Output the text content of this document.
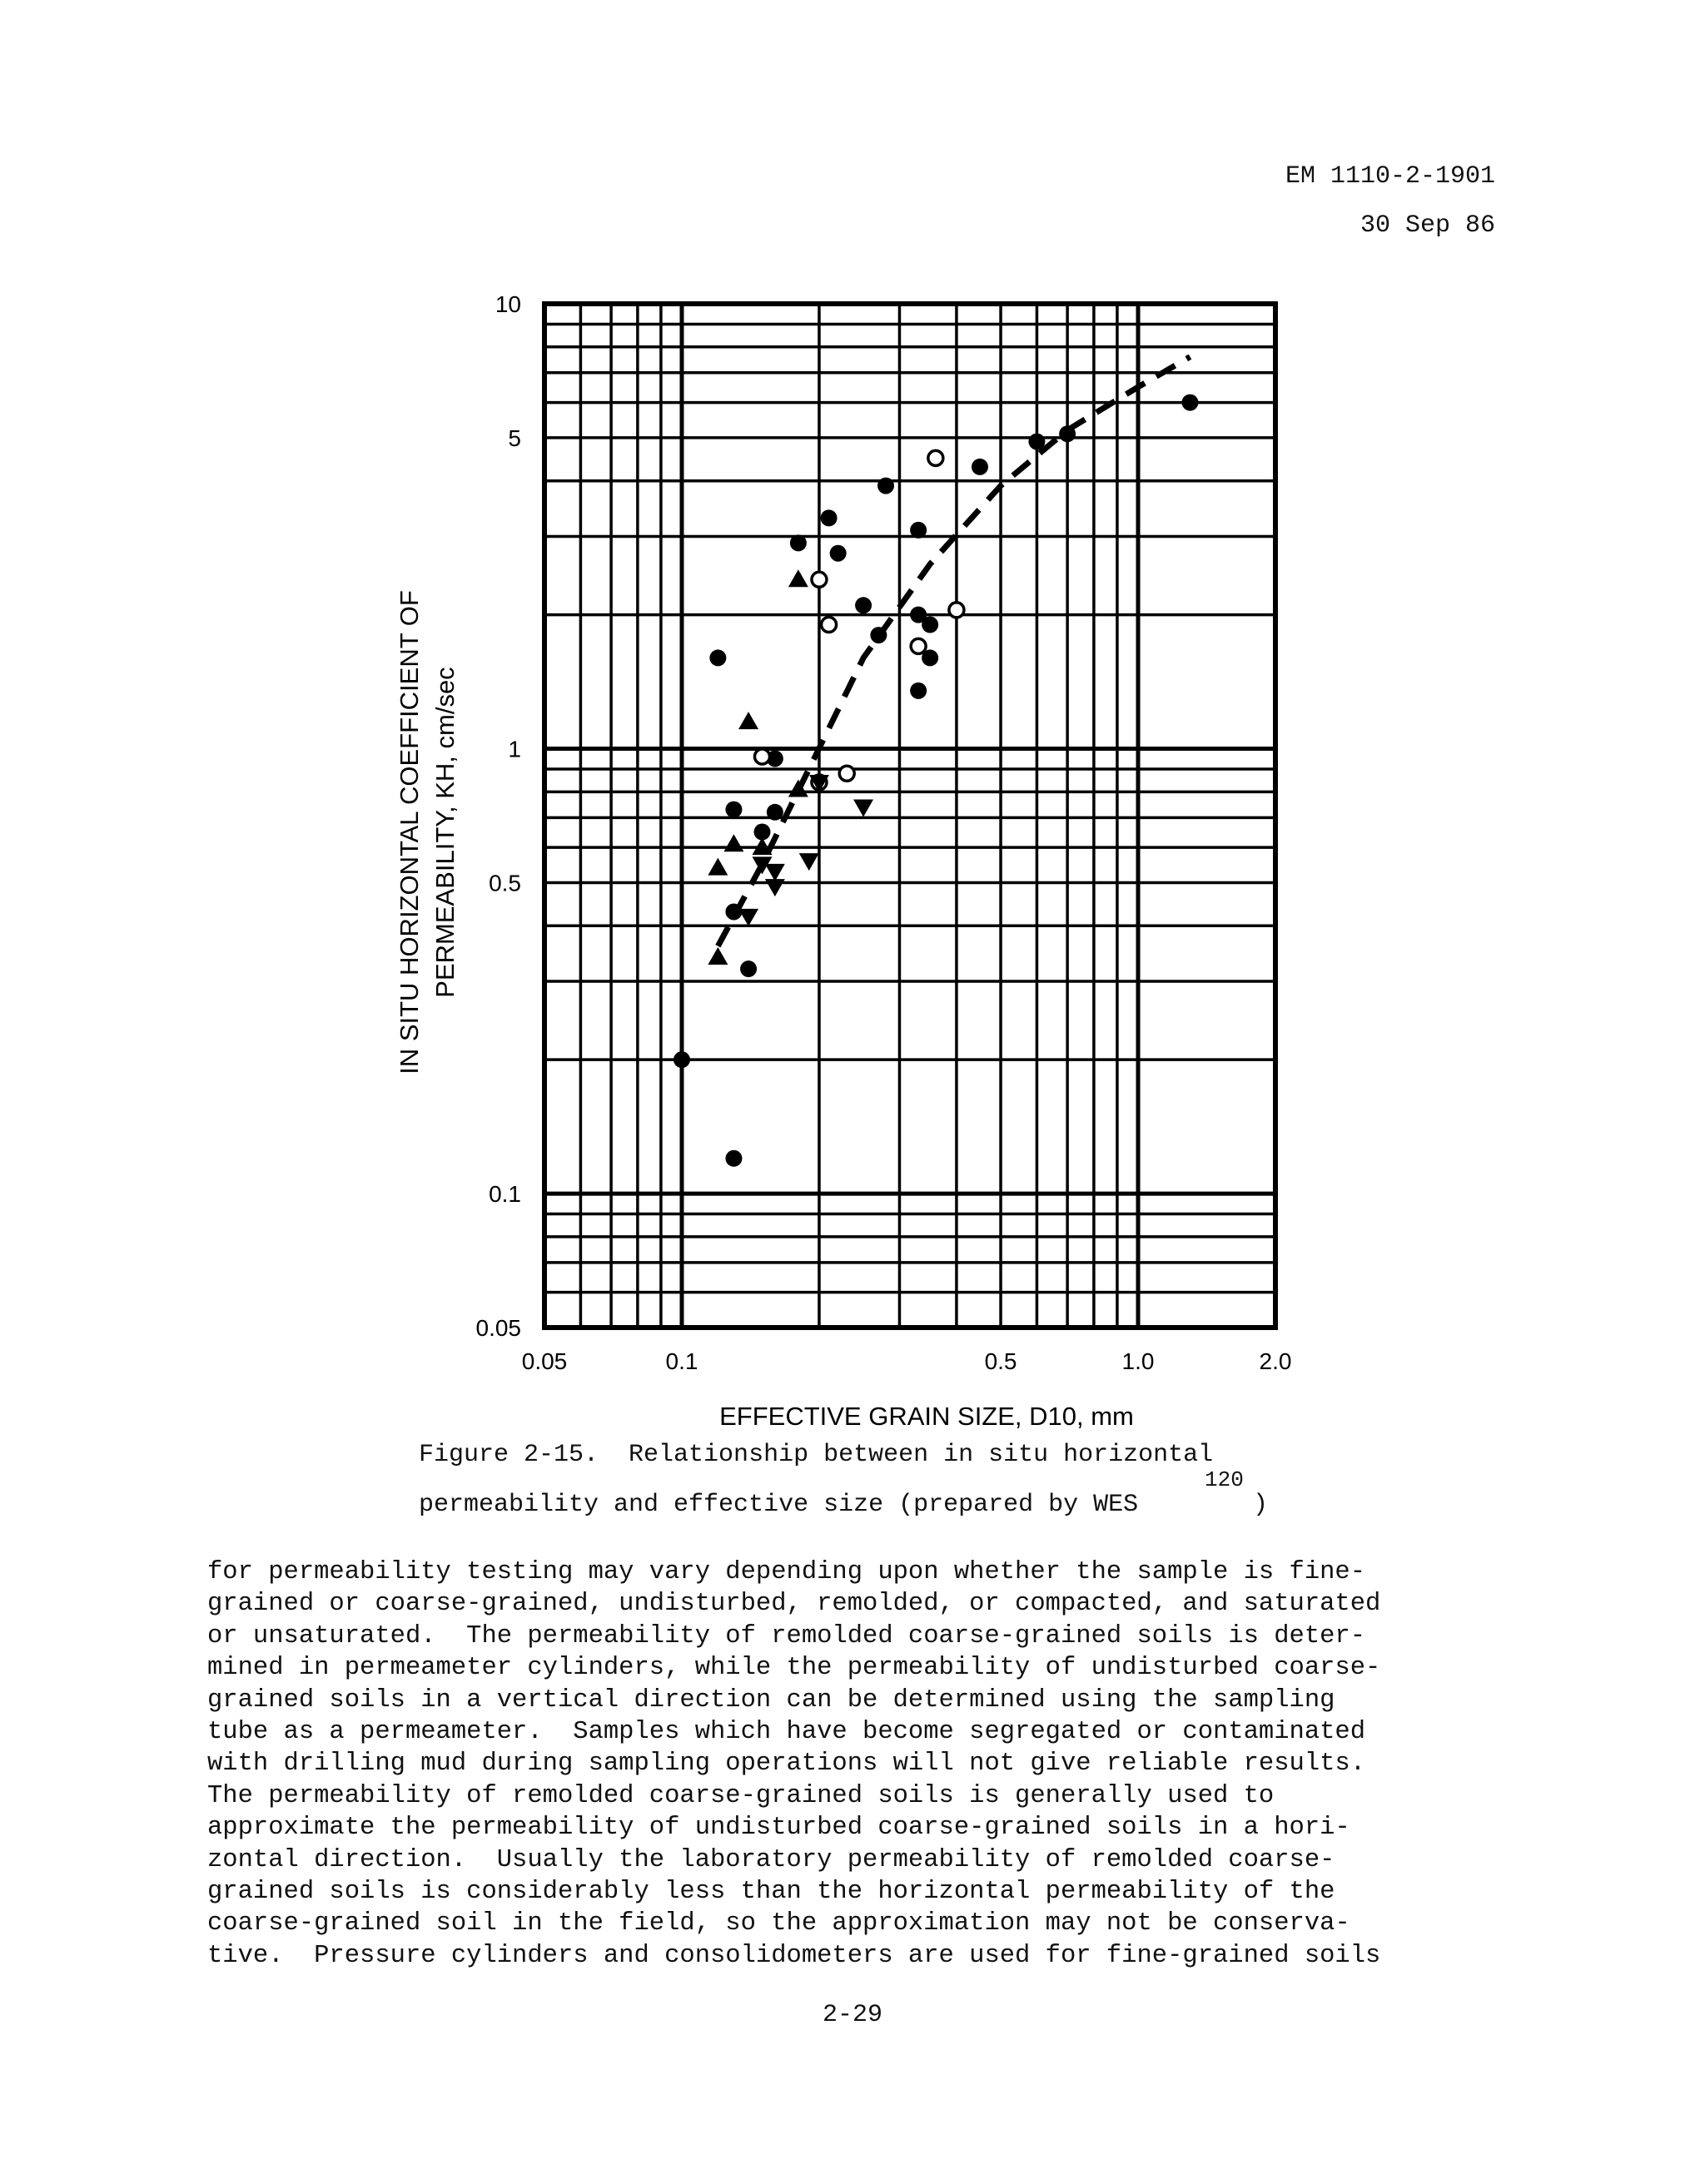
EM 1110-2-1901
30 Sep 86
0.05	0.1	0.5	1.0	2.0
0.05
0.1
0.5
1
5
10
EFFECTIVE GRAIN SIZE, D10, mm
IN SITU HORIZONTAL COEFFICIENT OF PERMEABILITY, KH, cm/sec
Figure 2-15.  Relationship between in situ horizontal
permeability and effective size (prepared by WES
120
)
for permeability testing may vary depending upon whether the sample is fine-
grained or coarse-grained, undisturbed, remolded, or compacted, and saturated
or unsaturated.  The permeability of remolded coarse-grained soils is deter-
mined in permeameter cylinders, while the permeability of undisturbed coarse-
grained soils in a vertical direction can be determined using the sampling
tube as a permeameter.  Samples which have become segregated or contaminated
with drilling mud during sampling operations will not give reliable results.
The permeability of remolded coarse-grained soils is generally used to
approximate the permeability of undisturbed coarse-grained soils in a hori-
zontal direction.  Usually the laboratory permeability of remolded coarse-
grained soils is considerably less than the horizontal permeability of the
coarse-grained soil in the field, so the approximation may not be conserva-
tive.  Pressure cylinders and consolidometers are used for fine-grained soils
2-29
